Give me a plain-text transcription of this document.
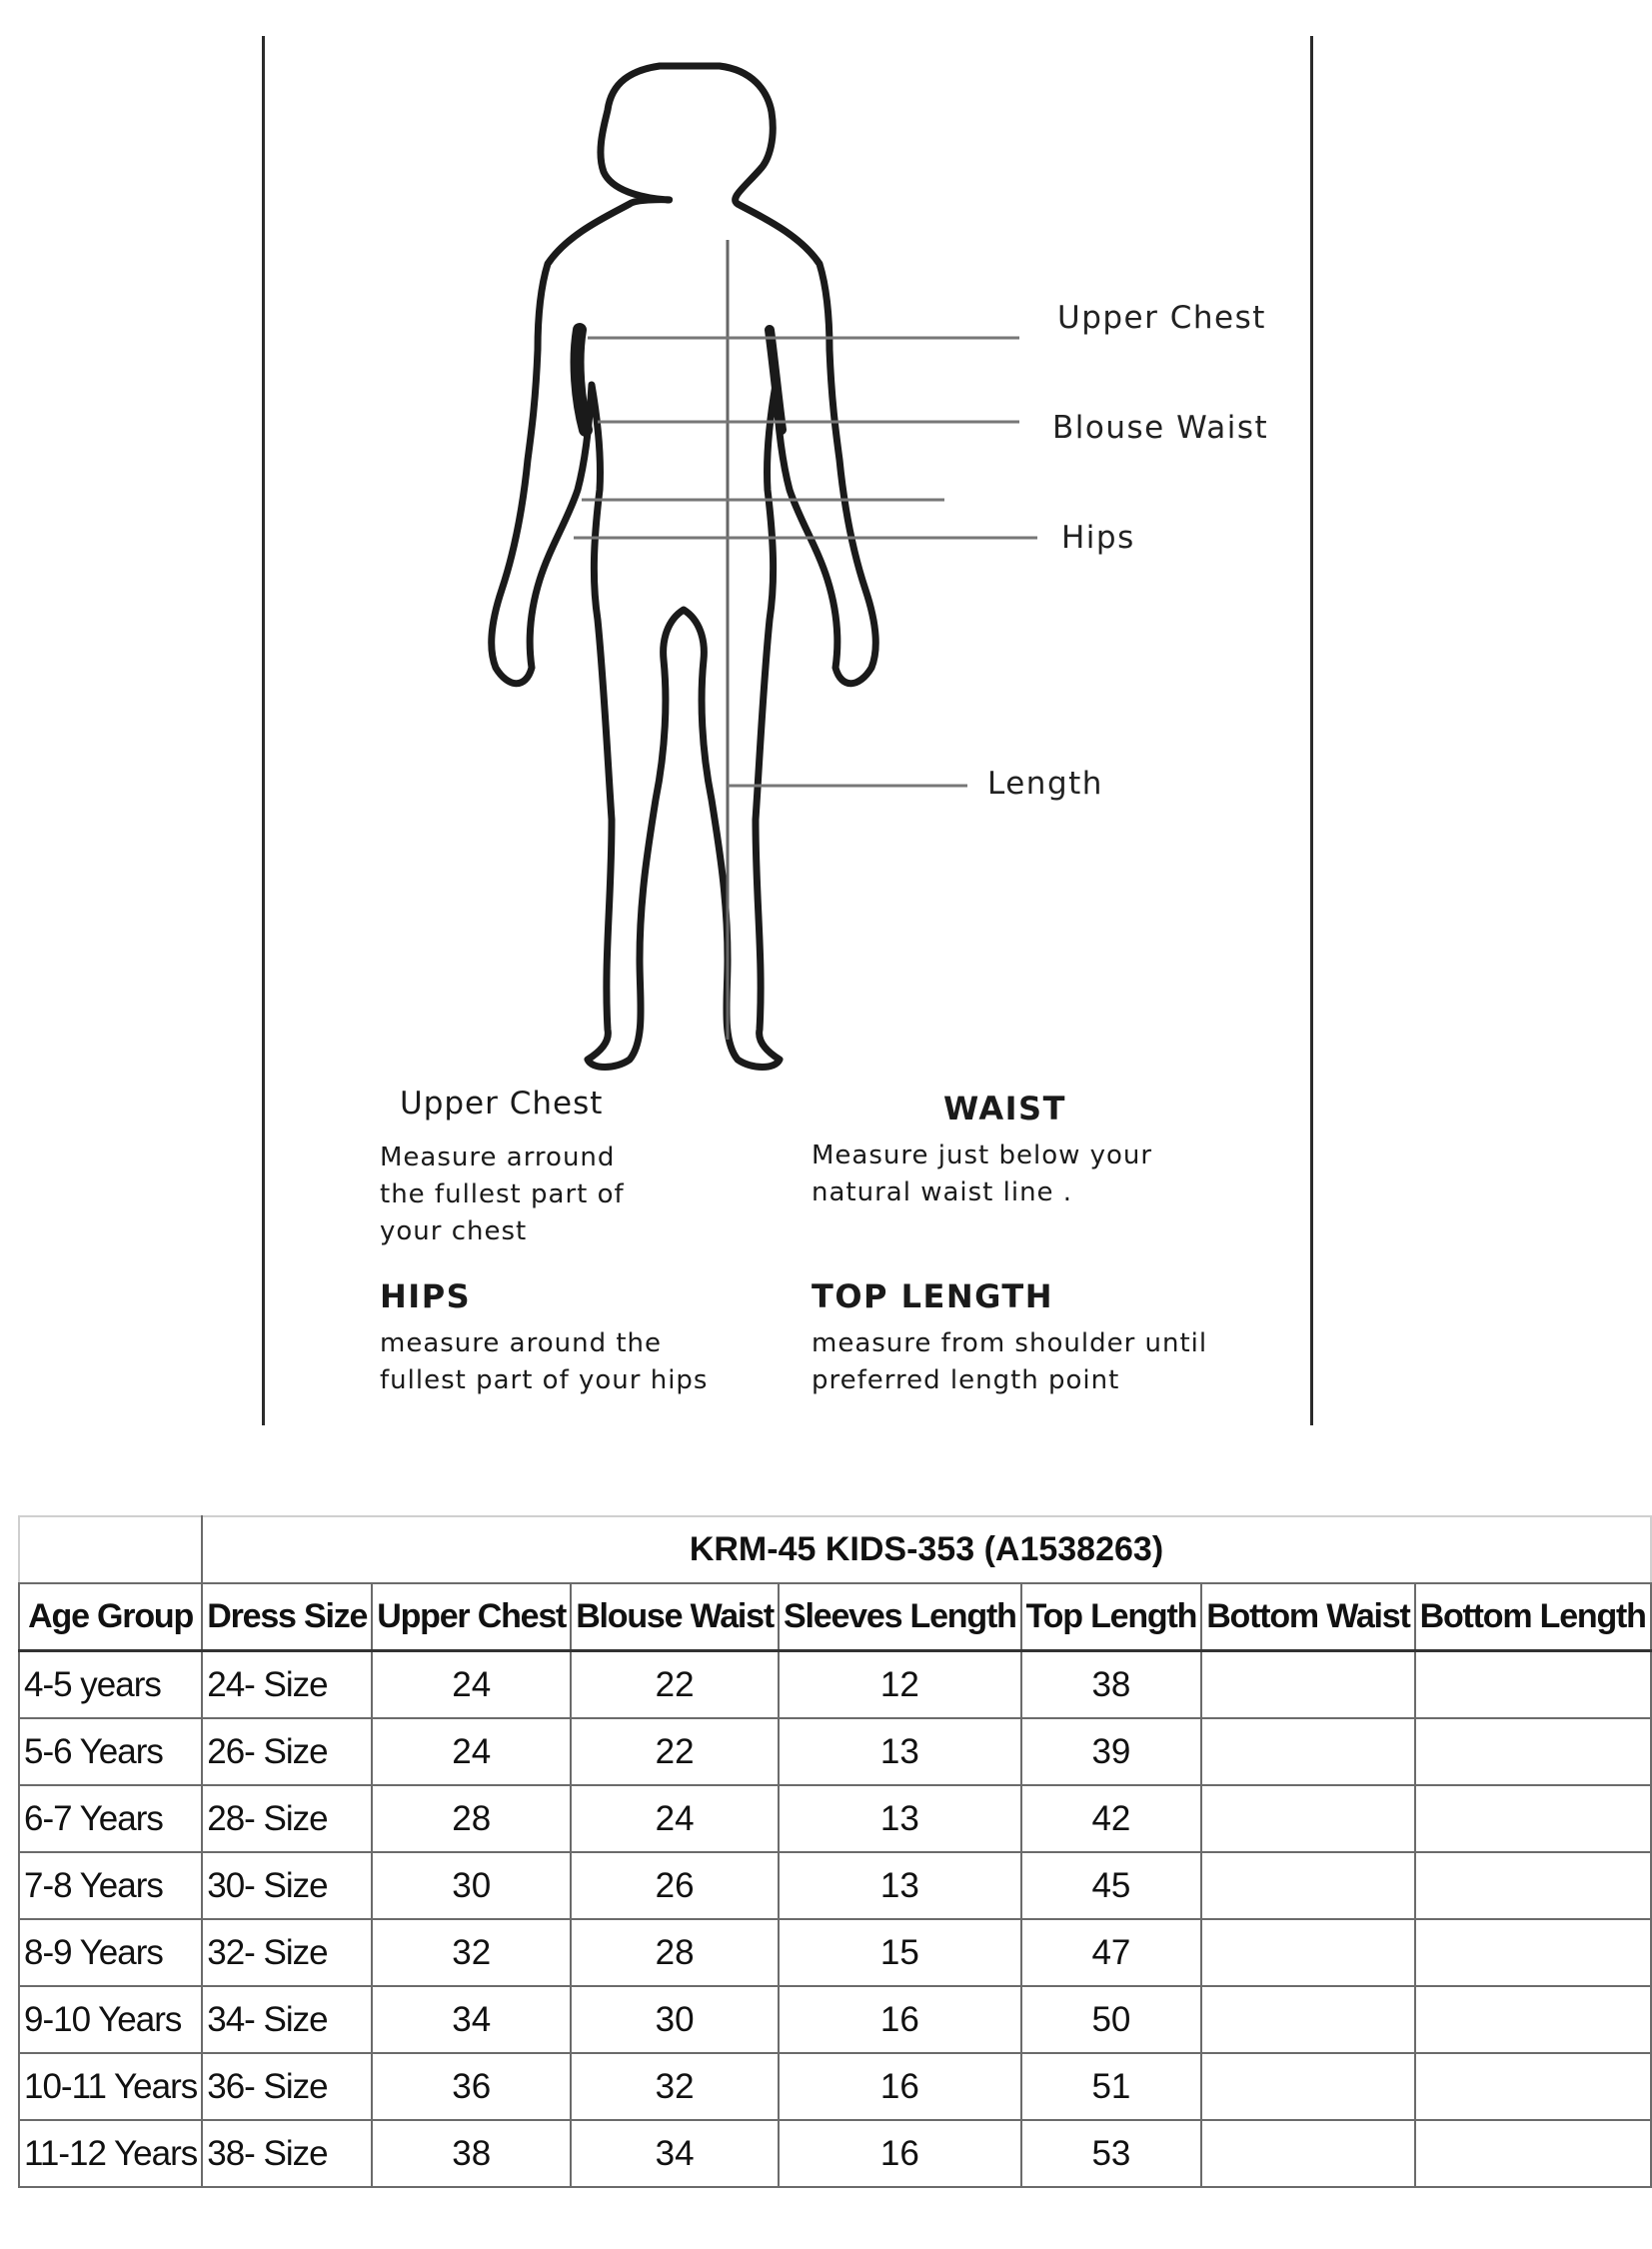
Upper Chest
Blouse Waist
Hips
Length
Upper Chest
Measure arround
the fullest part of
your chest
WAIST
Measure just below your
natural waist line .
HIPS
measure around the
fullest part of your hips
TOP LENGTH
measure from shoulder until
preferred length point
	KRM-45 KIDS-353 (A1538263)						
Age Group	Dress Size	Upper Chest	Blouse Waist	Sleeves Length	Top Length	Bottom Waist	Bottom Length
4-5 years	24- Size	24	22	12	38		
5-6 Years	26- Size	24	22	13	39		
6-7 Years	28- Size	28	24	13	42		
7-8 Years	30- Size	30	26	13	45		
8-9 Years	32- Size	32	28	15	47		
9-10 Years	34- Size	34	30	16	50		
10-11 Years	36- Size	36	32	16	51		
11-12 Years	38- Size	38	34	16	53		
